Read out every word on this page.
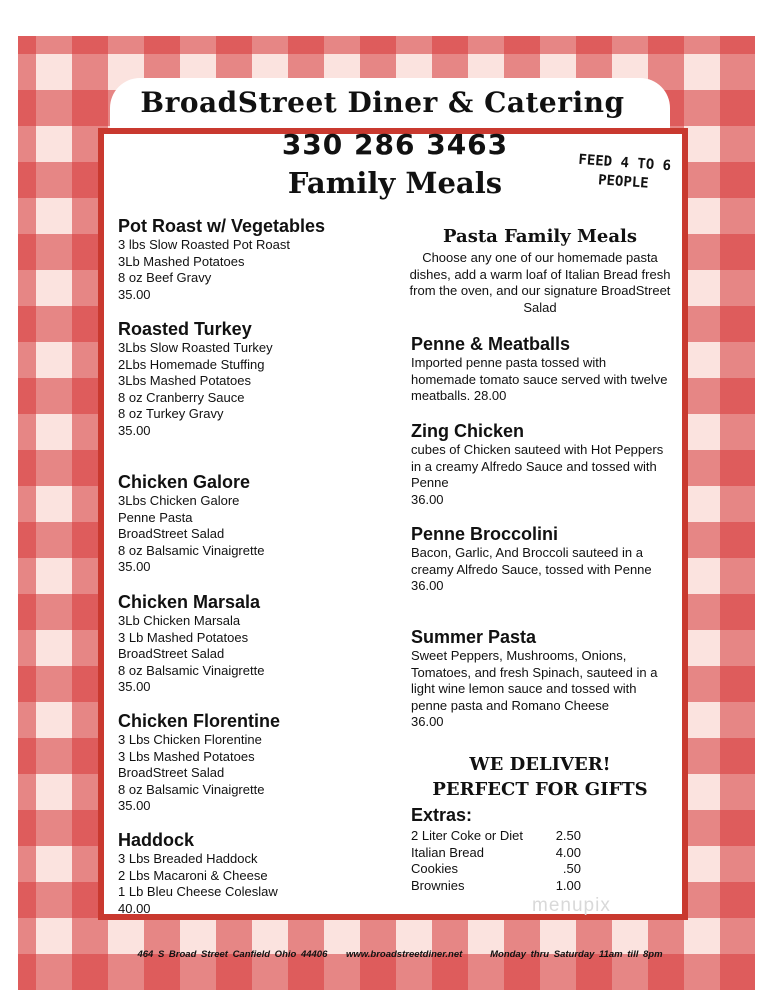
BroadStreet Diner & Catering
330 286 3463
Family Meals
FEED 4 TO 6
PEOPLE
Pot Roast w/ Vegetables
3 lbs Slow Roasted Pot Roast
3Lb Mashed Potatoes
8 oz Beef Gravy
35.00
Roasted Turkey
3Lbs Slow Roasted Turkey
2Lbs Homemade Stuffing
3Lbs Mashed Potatoes
8 oz Cranberry Sauce
8 oz Turkey Gravy
35.00
Chicken Galore
3Lbs Chicken Galore
Penne Pasta
BroadStreet Salad
8 oz Balsamic Vinaigrette
35.00
Chicken Marsala
3Lb Chicken Marsala
3 Lb Mashed Potatoes
BroadStreet Salad
8 oz Balsamic Vinaigrette
35.00
Chicken Florentine
3 Lbs Chicken Florentine
3 Lbs Mashed Potatoes
BroadStreet Salad
8 oz Balsamic Vinaigrette
35.00
Haddock
3 Lbs Breaded Haddock
2 Lbs Macaroni & Cheese
1 Lb Bleu Cheese Coleslaw
40.00
Pasta Family Meals
Choose any one of our homemade pasta dishes, add a warm loaf of Italian Bread fresh from the oven, and our signature BroadStreet Salad
Penne & Meatballs
Imported penne pasta tossed with homemade tomato sauce served with twelve meatballs. 28.00
Zing Chicken
cubes of Chicken sauteed with Hot Peppers in a creamy Alfredo Sauce and tossed with Penne
36.00
Penne Broccolini
Bacon, Garlic, And Broccoli sauteed in a creamy Alfredo Sauce, tossed with Penne
36.00
Summer Pasta
Sweet Peppers, Mushrooms, Onions, Tomatoes, and fresh Spinach, sauteed in a light wine lemon sauce and tossed with penne pasta and Romano Cheese
36.00
WE DELIVER!
PERFECT FOR GIFTS
Extras:
2 Liter Coke or Diet	2.50
Italian Bread	4.00
Cookies	.50
Brownies	1.00
menupix
464 S Broad Street Canfield Ohio 44406 www.broadstreetdiner.net	Monday thru Saturday 11am till 8pm
